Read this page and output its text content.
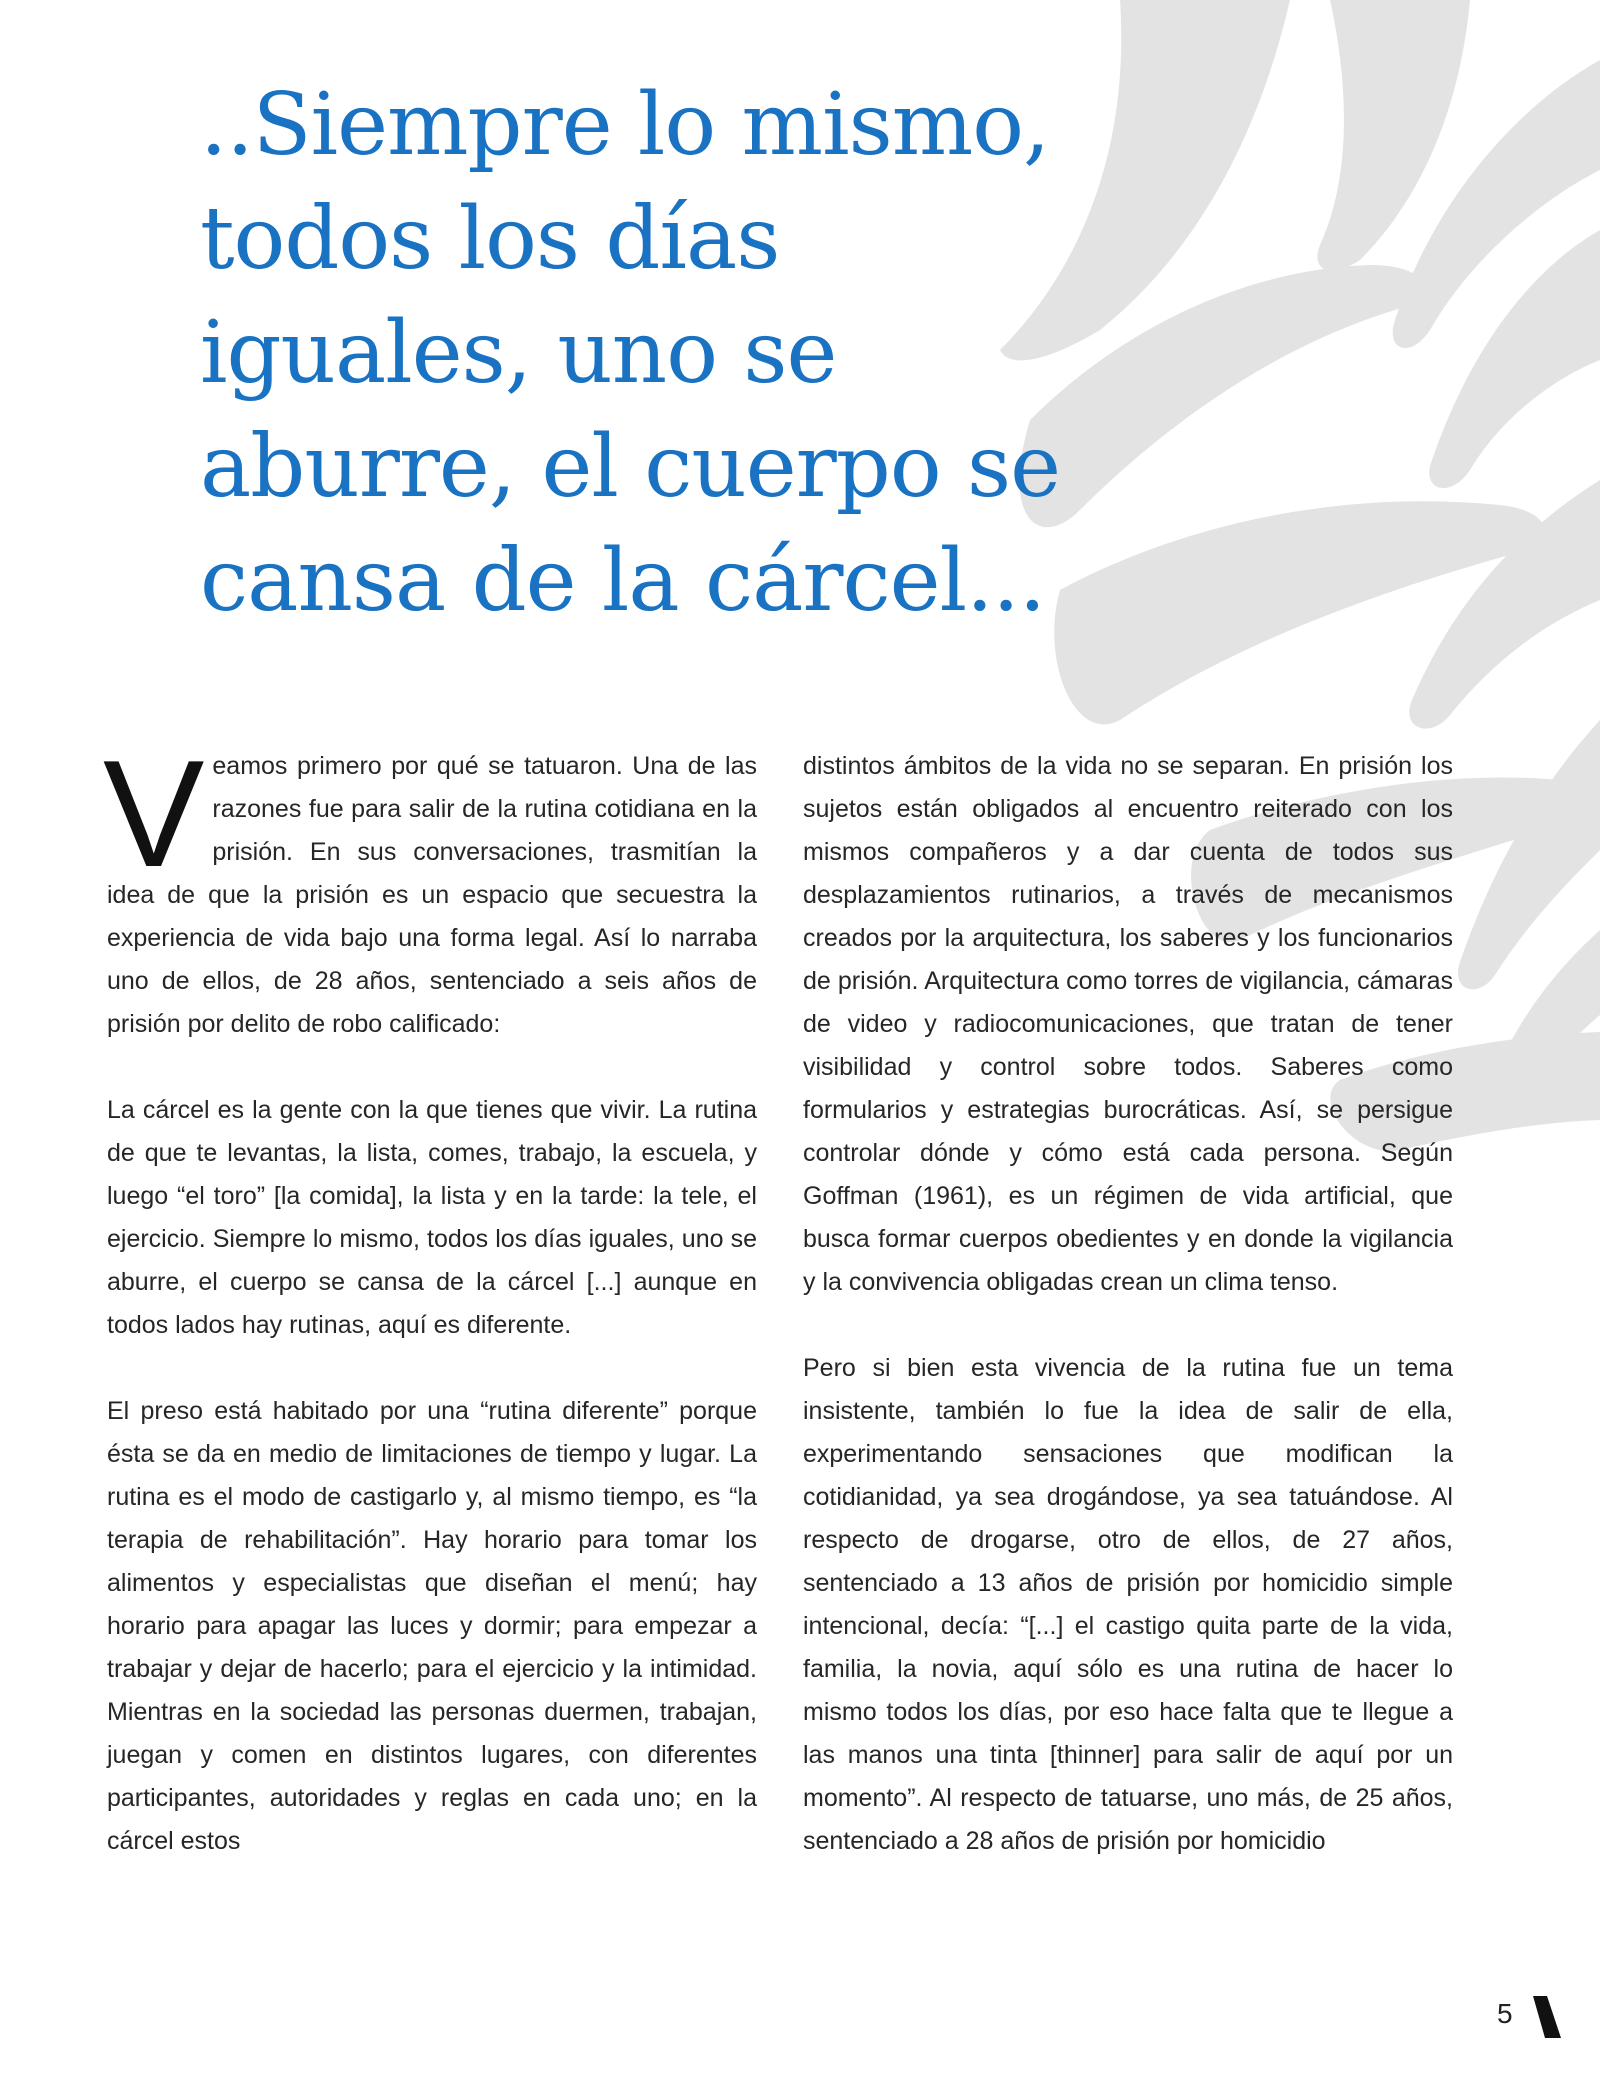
..Siempre lo mismo, todos los días iguales, uno se aburre, el cuerpo se cansa de la cárcel...

Veamos primero por qué se tatuaron. Una de las razones fue para salir de la rutina cotidiana en la prisión. En sus conversaciones, trasmitían la idea de que la prisión es un espacio que secuestra la experiencia de vida bajo una forma legal. Así lo narraba uno de ellos, de 28 años, sentenciado a seis años de prisión por delito de robo calificado:

La cárcel es la gente con la que tienes que vivir. La rutina de que te levantas, la lista, comes, trabajo, la escuela, y luego “el toro” [la comida], la lista y en la tarde: la tele, el ejercicio. Siempre lo mismo, todos los días iguales, uno se aburre, el cuerpo se cansa de la cárcel [...] aunque en todos lados hay rutinas, aquí es diferente.

El preso está habitado por una “rutina diferente” porque ésta se da en medio de limitaciones de tiempo y lugar. La rutina es el modo de castigarlo y, al mismo tiempo, es “la terapia de rehabilitación”. Hay horario para tomar los alimentos y especialistas que diseñan el menú; hay horario para apagar las luces y dormir; para empezar a trabajar y dejar de hacerlo; para el ejercicio y la intimidad. Mientras en la sociedad las personas duermen, trabajan, juegan y comen en distintos lugares, con diferentes participantes, autoridades y reglas en cada uno; en la cárcel estos

distintos ámbitos de la vida no se separan. En prisión los sujetos están obligados al encuentro reiterado con los mismos compañeros y a dar cuenta de todos sus desplazamientos rutinarios, a través de mecanismos creados por la arquitectura, los saberes y los funcionarios de prisión. Arquitectura como torres de vigilancia, cámaras de video y radiocomunicaciones, que tratan de tener visibilidad y control sobre todos. Saberes como formularios y estrategias burocráticas. Así, se persigue controlar dónde y cómo está cada persona. Según Goffman (1961), es un régimen de vida artificial, que busca formar cuerpos obedientes y en donde la vigilancia y la convivencia obligadas crean un clima tenso.

Pero si bien esta vivencia de la rutina fue un tema insistente, también lo fue la idea de salir de ella, experimentando sensaciones que modifican la cotidianidad, ya sea drogándose, ya sea tatuándose. Al respecto de drogarse, otro de ellos, de 27 años, sentenciado a 13 años de prisión por homicidio simple intencional, decía: “[...] el castigo quita parte de la vida, familia, la novia, aquí sólo es una rutina de hacer lo mismo todos los días, por eso hace falta que te llegue a las manos una tinta [thinner] para salir de aquí por un momento”. Al respecto de tatuarse, uno más, de 25 años, sentenciado a 28 años de prisión por homicidio

5
